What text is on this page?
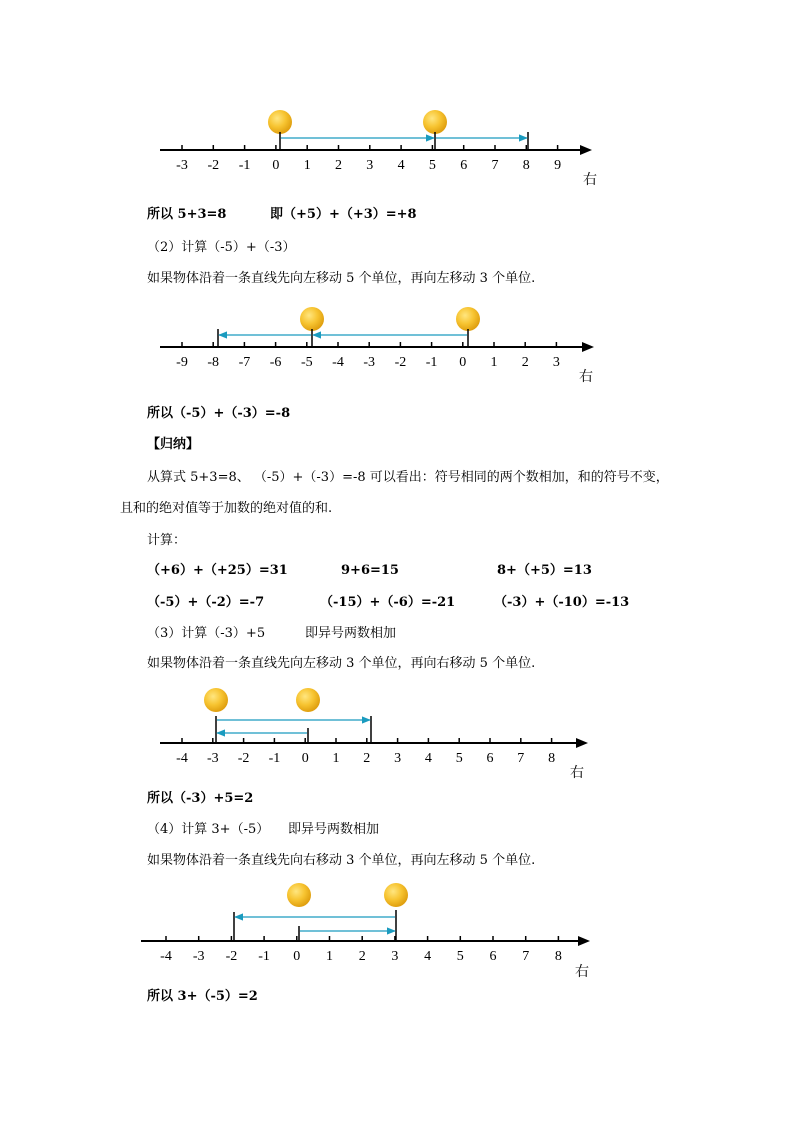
-3 -2 -1 0 1 2 3 4 5 6 7 8 9
右
所以 5+3=8	即（+5）+（+3）=+8
（2）计算（-5）+（-3）
如果物体沿着一条直线先向左移动 5 个单位，再向左移动 3 个单位.
-9 -8 -7 -6 -5 -4 -3 -2 -1 0 1 2 3
右
所以（-5）+（-3）=-8
【归纳】
从算式 5+3=8、 （-5）+（-3）=-8 可以看出：符号相同的两个数相加，和的符号不变，
且和的绝对值等于加数的绝对值的和.
计算：
（+6）+（+25）=31	9+6=15	8+（+5）=13
（-5）+（-2）=-7	（-15）+（-6）=-21	（-3）+（-10）=-13
（3）计算（-3）+5	即异号两数相加
如果物体沿着一条直线先向左移动 3 个单位，再向右移动 5 个单位.
-4 -3 -2 -1 0 1 2 3 4 5 6 7 8
右
所以（-3）+5=2
（4）计算 3+（-5） 即异号两数相加
如果物体沿着一条直线先向右移动 3 个单位，再向左移动 5 个单位.
-4 -3 -2 -1 0 1 2 3 4 5 6 7 8
右
所以 3+（-5）=2
